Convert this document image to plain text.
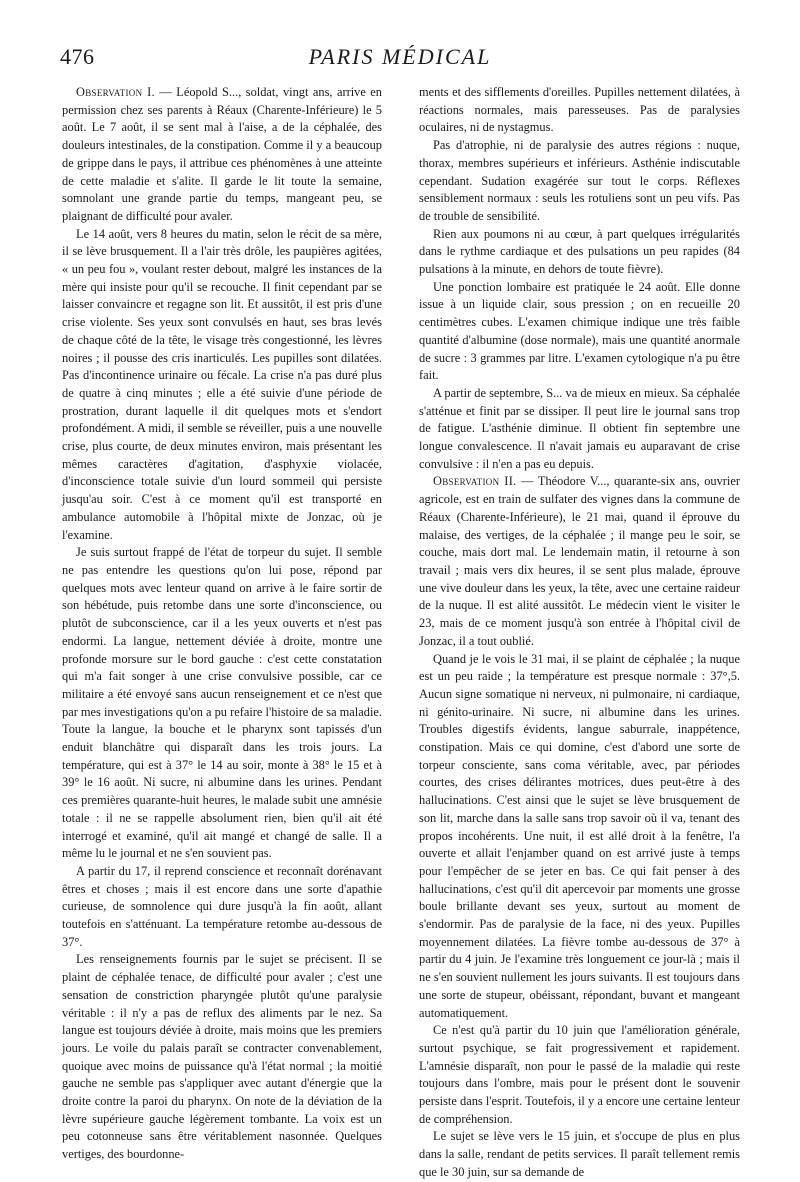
476	PARIS MÉDICAL

Observation I. — Léopold S..., soldat, vingt ans, arrive en permission chez ses parents à Réaux (Charente-Inférieure) le 5 août. Le 7 août, il se sent mal à l'aise, a de la céphalée, des douleurs intestinales, de la constipation. Comme il y a beaucoup de grippe dans le pays, il attribue ces phénomènes à une atteinte de cette maladie et s'alite. Il garde le lit toute la semaine, somnolant une grande partie du temps, mangeant peu, se plaignant de difficulté pour avaler.

Le 14 août, vers 8 heures du matin, selon le récit de sa mère, il se lève brusquement. Il a l'air très drôle, les paupières agitées, « un peu fou », voulant rester debout, malgré les instances de la mère qui insiste pour qu'il se recouche. Il finit cependant par se laisser convaincre et regagne son lit. Et aussitôt, il est pris d'une crise violente. Ses yeux sont convulsés en haut, ses bras levés de chaque côté de la tête, le visage très congestionné, les lèvres noires ; il pousse des cris inarticulés. Les pupilles sont dilatées. Pas d'incontinence urinaire ou fécale. La crise n'a pas duré plus de quatre à cinq minutes ; elle a été suivie d'une période de prostration, durant laquelle il dit quelques mots et s'endort profondément. A midi, il semble se réveiller, puis a une nouvelle crise, plus courte, de deux minutes environ, mais présentant les mêmes caractères d'agitation, d'asphyxie violacée, d'inconscience totale suivie d'un lourd sommeil qui persiste jusqu'au soir. C'est à ce moment qu'il est transporté en ambulance automobile à l'hôpital mixte de Jonzac, où je l'examine.

Je suis surtout frappé de l'état de torpeur du sujet. Il semble ne pas entendre les questions qu'on lui pose, répond par quelques mots avec lenteur quand on arrive à le faire sortir de son hébétude, puis retombe dans une sorte d'inconscience, ou plutôt de subconscience, car il a les yeux ouverts et n'est pas endormi. La langue, nettement déviée à droite, montre une profonde morsure sur le bord gauche : c'est cette constatation qui m'a fait songer à une crise convulsive possible, car ce militaire a été envoyé sans aucun renseignement et ce n'est que par mes investigations qu'on a pu refaire l'histoire de sa maladie. Toute la langue, la bouche et le pharynx sont tapissés d'un enduit blanchâtre qui disparaît dans les trois jours. La température, qui est à 37° le 14 au soir, monte à 38° le 15 et à 39° le 16 août. Ni sucre, ni albumine dans les urines. Pendant ces premières quarante-huit heures, le malade subit une amnésie totale : il ne se rappelle absolument rien, bien qu'il ait été interrogé et examiné, qu'il ait mangé et changé de salle. Il a même lu le journal et ne s'en souvient pas.

A partir du 17, il reprend conscience et reconnaît dorénavant êtres et choses ; mais il est encore dans une sorte d'apathie curieuse, de somnolence qui dure jusqu'à la fin août, allant toutefois en s'atténuant. La température retombe au-dessous de 37°.

Les renseignements fournis par le sujet se précisent. Il se plaint de céphalée tenace, de difficulté pour avaler ; c'est une sensation de constriction pharyngée plutôt qu'une paralysie véritable : il n'y a pas de reflux des aliments par le nez. Sa langue est toujours déviée à droite, mais moins que les premiers jours. Le voile du palais paraît se contracter convenablement, quoique avec moins de puissance qu'à l'état normal ; la moitié gauche ne semble pas s'appliquer avec autant d'énergie que la droite contre la paroi du pharynx. On note de la déviation de la lèvre supérieure gauche légèrement tombante. La voix est un peu cotonneuse sans être véritablement nasonnée. Quelques vertiges, des bourdonne-

ments et des sifflements d'oreilles. Pupilles nettement dilatées, à réactions normales, mais paresseuses. Pas de paralysies oculaires, ni de nystagmus.

Pas d'atrophie, ni de paralysie des autres régions : nuque, thorax, membres supérieurs et inférieurs. Asthénie indiscutable cependant. Sudation exagérée sur tout le corps. Réflexes sensiblement normaux : seuls les rotuliens sont un peu vifs. Pas de trouble de sensibilité.

Rien aux poumons ni au cœur, à part quelques irrégularités dans le rythme cardiaque et des pulsations un peu rapides (84 pulsations à la minute, en dehors de toute fièvre).

Une ponction lombaire est pratiquée le 24 août. Elle donne issue à un liquide clair, sous pression ; on en recueille 20 centimètres cubes. L'examen chimique indique une très faible quantité d'albumine (dose normale), mais une quantité anormale de sucre : 3 grammes par litre. L'examen cytologique n'a pu être fait.

A partir de septembre, S... va de mieux en mieux. Sa céphalée s'atténue et finit par se dissiper. Il peut lire le journal sans trop de fatigue. L'asthénie diminue. Il obtient fin septembre une longue convalescence. Il n'avait jamais eu auparavant de crise convulsive : il n'en a pas eu depuis.

Observation II. — Théodore V..., quarante-six ans, ouvrier agricole, est en train de sulfater des vignes dans la commune de Réaux (Charente-Inférieure), le 21 mai, quand il éprouve du malaise, des vertiges, de la céphalée ; il mange peu le soir, se couche, mais dort mal. Le lendemain matin, il retourne à son travail ; mais vers dix heures, il se sent plus malade, éprouve une vive douleur dans les yeux, la tête, avec une certaine raideur de la nuque. Il est alité aussitôt. Le médecin vient le visiter le 23, mais de ce moment jusqu'à son entrée à l'hôpital civil de Jonzac, il a tout oublié.

Quand je le vois le 31 mai, il se plaint de céphalée ; la nuque est un peu raide ; la température est presque normale : 37°,5. Aucun signe somatique ni nerveux, ni pulmonaire, ni cardiaque, ni génito-urinaire. Ni sucre, ni albumine dans les urines. Troubles digestifs évidents, langue saburrale, inappétence, constipation. Mais ce qui domine, c'est d'abord une sorte de torpeur consciente, sans coma véritable, avec, par périodes courtes, des crises délirantes motrices, dues peut-être à des hallucinations. C'est ainsi que le sujet se lève brusquement de son lit, marche dans la salle sans trop savoir où il va, tenant des propos incohérents. Une nuit, il est allé droit à la fenêtre, l'a ouverte et allait l'enjamber quand on est arrivé juste à temps pour l'empêcher de se jeter en bas. Ce qui fait penser à des hallucinations, c'est qu'il dit apercevoir par moments une grosse boule brillante devant ses yeux, surtout au moment de s'endormir. Pas de paralysie de la face, ni des yeux. Pupilles moyennement dilatées. La fièvre tombe au-dessous de 37° à partir du 4 juin. Je l'examine très longuement ce jour-là ; mais il ne s'en souvient nullement les jours suivants. Il est toujours dans une sorte de stupeur, obéissant, répondant, buvant et mangeant automatiquement.

Ce n'est qu'à partir du 10 juin que l'amélioration générale, surtout psychique, se fait progressivement et rapidement. L'amnésie disparaît, non pour le passé de la maladie qui reste toujours dans l'ombre, mais pour le présent dont le souvenir persiste dans l'esprit. Toutefois, il y a encore une certaine lenteur de compréhension.

Le sujet se lève vers le 15 juin, et s'occupe de plus en plus dans la salle, rendant de petits services. Il paraît tellement remis que le 30 juin, sur sa demande de
